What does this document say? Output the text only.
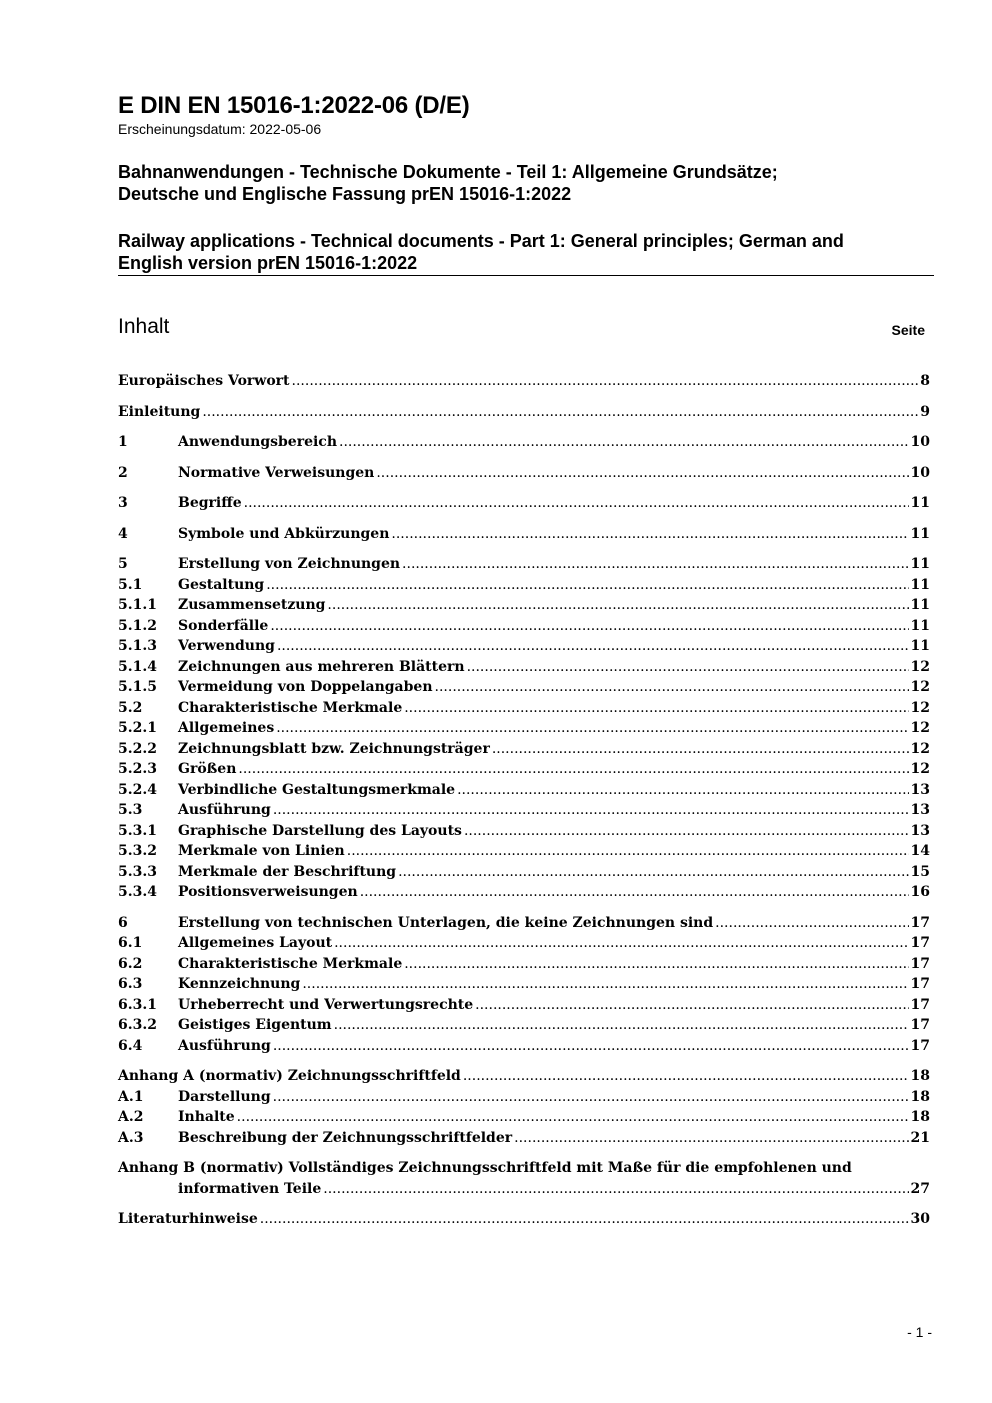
E DIN EN 15016-1:2022-06 (D/E)
Erscheinungsdatum: 2022-05-06
Bahnanwendungen - Technische Dokumente - Teil 1: Allgemeine Grundsätze;
Deutsche und Englische Fassung prEN 15016-1:2022
Railway applications - Technical documents - Part 1: General principles; German and
English version prEN 15016-1:2022
Inhalt	Seite
Europäisches Vorwort .....	8
Einleitung .....	9
1	Anwendungsbereich .....	10
2	Normative Verweisungen .....	10
3	Begriffe .....	11
4	Symbole und Abkürzungen .....	11
5	Erstellung von Zeichnungen .....	11
5.1	Gestaltung .....	11
5.1.1	Zusammensetzung .....	11
5.1.2	Sonderfälle .....	11
5.1.3	Verwendung .....	11
5.1.4	Zeichnungen aus mehreren Blättern .....	12
5.1.5	Vermeidung von Doppelangaben .....	12
5.2	Charakteristische Merkmale .....	12
5.2.1	Allgemeines .....	12
5.2.2	Zeichnungsblatt bzw. Zeichnungsträger .....	12
5.2.3	Größen .....	12
5.2.4	Verbindliche Gestaltungsmerkmale .....	13
5.3	Ausführung .....	13
5.3.1	Graphische Darstellung des Layouts .....	13
5.3.2	Merkmale von Linien .....	14
5.3.3	Merkmale der Beschriftung .....	15
5.3.4	Positionsverweisungen .....	16
6	Erstellung von technischen Unterlagen, die keine Zeichnungen sind .....	17
6.1	Allgemeines Layout .....	17
6.2	Charakteristische Merkmale .....	17
6.3	Kennzeichnung .....	17
6.3.1	Urheberrecht und Verwertungsrechte .....	17
6.3.2	Geistiges Eigentum .....	17
6.4	Ausführung .....	17
Anhang A (normativ) Zeichnungsschriftfeld .....	18
A.1	Darstellung .....	18
A.2	Inhalte .....	18
A.3	Beschreibung der Zeichnungsschriftfelder .....	21
Anhang B (normativ) Vollständiges Zeichnungsschriftfeld mit Maße für die empfohlenen und
informativen Teile .....	27
Literaturhinweise .....	30
- 1 -
